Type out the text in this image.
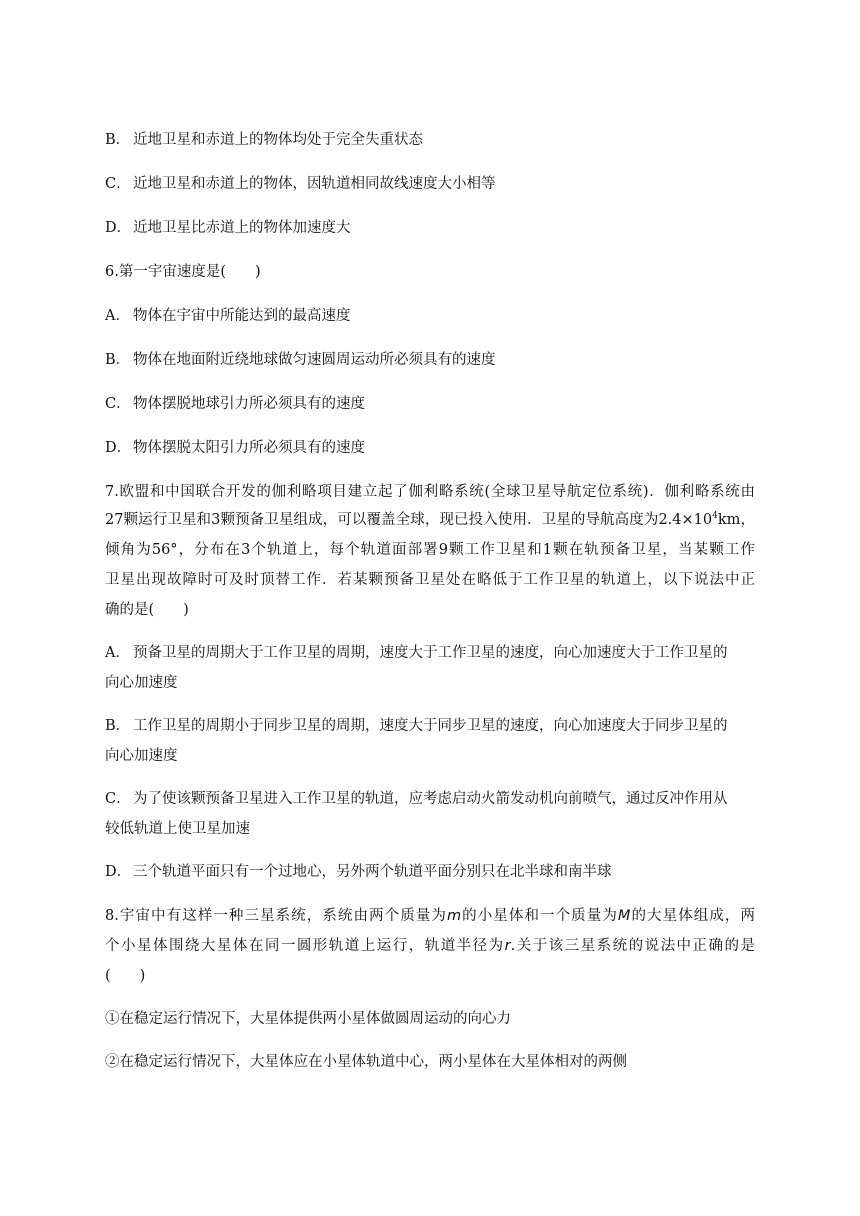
B． 近地卫星和赤道上的物体均处于完全失重状态
C． 近地卫星和赤道上的物体，因轨道相同故线速度大小相等
D． 近地卫星比赤道上的物体加速度大
6.第一宇宙速度是(　　)
A． 物体在宇宙中所能达到的最高速度
B． 物体在地面附近绕地球做匀速圆周运动所必须具有的速度
C． 物体摆脱地球引力所必须具有的速度
D． 物体摆脱太阳引力所必须具有的速度
7.欧盟和中国联合开发的伽利略项目建立起了伽利略系统(全球卫星导航定位系统)．伽利略系统由
27颗运行卫星和3颗预备卫星组成，可以覆盖全球，现已投入使用．卫星的导航高度为$2.4\times 10^4km$，
倾角为56°，分布在3个轨道上，每个轨道面部署9颗工作卫星和1颗在轨预备卫星，当某颗工作
卫星出现故障时可及时顶替工作．若某颗预备卫星处在略低于工作卫星的轨道上，以下说法中正
确的是(　　)
A． 预备卫星的周期大于工作卫星的周期，速度大于工作卫星的速度，向心加速度大于工作卫星的
向心加速度
B． 工作卫星的周期小于同步卫星的周期，速度大于同步卫星的速度，向心加速度大于同步卫星的
向心加速度
C． 为了使该颗预备卫星进入工作卫星的轨道，应考虑启动火箭发动机向前喷气，通过反冲作用从
较低轨道上使卫星加速
D． 三个轨道平面只有一个过地心，另外两个轨道平面分别只在北半球和南半球
8.宇宙中有这样一种三星系统，系统由两个质量为m的小星体和一个质量为M的大星体组成，两
个小星体围绕大星体在同一圆形轨道上运行，轨道半径为r.关于该三星系统的说法中正确的是
(　　)
①在稳定运行情况下，大星体提供两小星体做圆周运动的向心力
②在稳定运行情况下，大星体应在小星体轨道中心，两小星体在大星体相对的两侧
